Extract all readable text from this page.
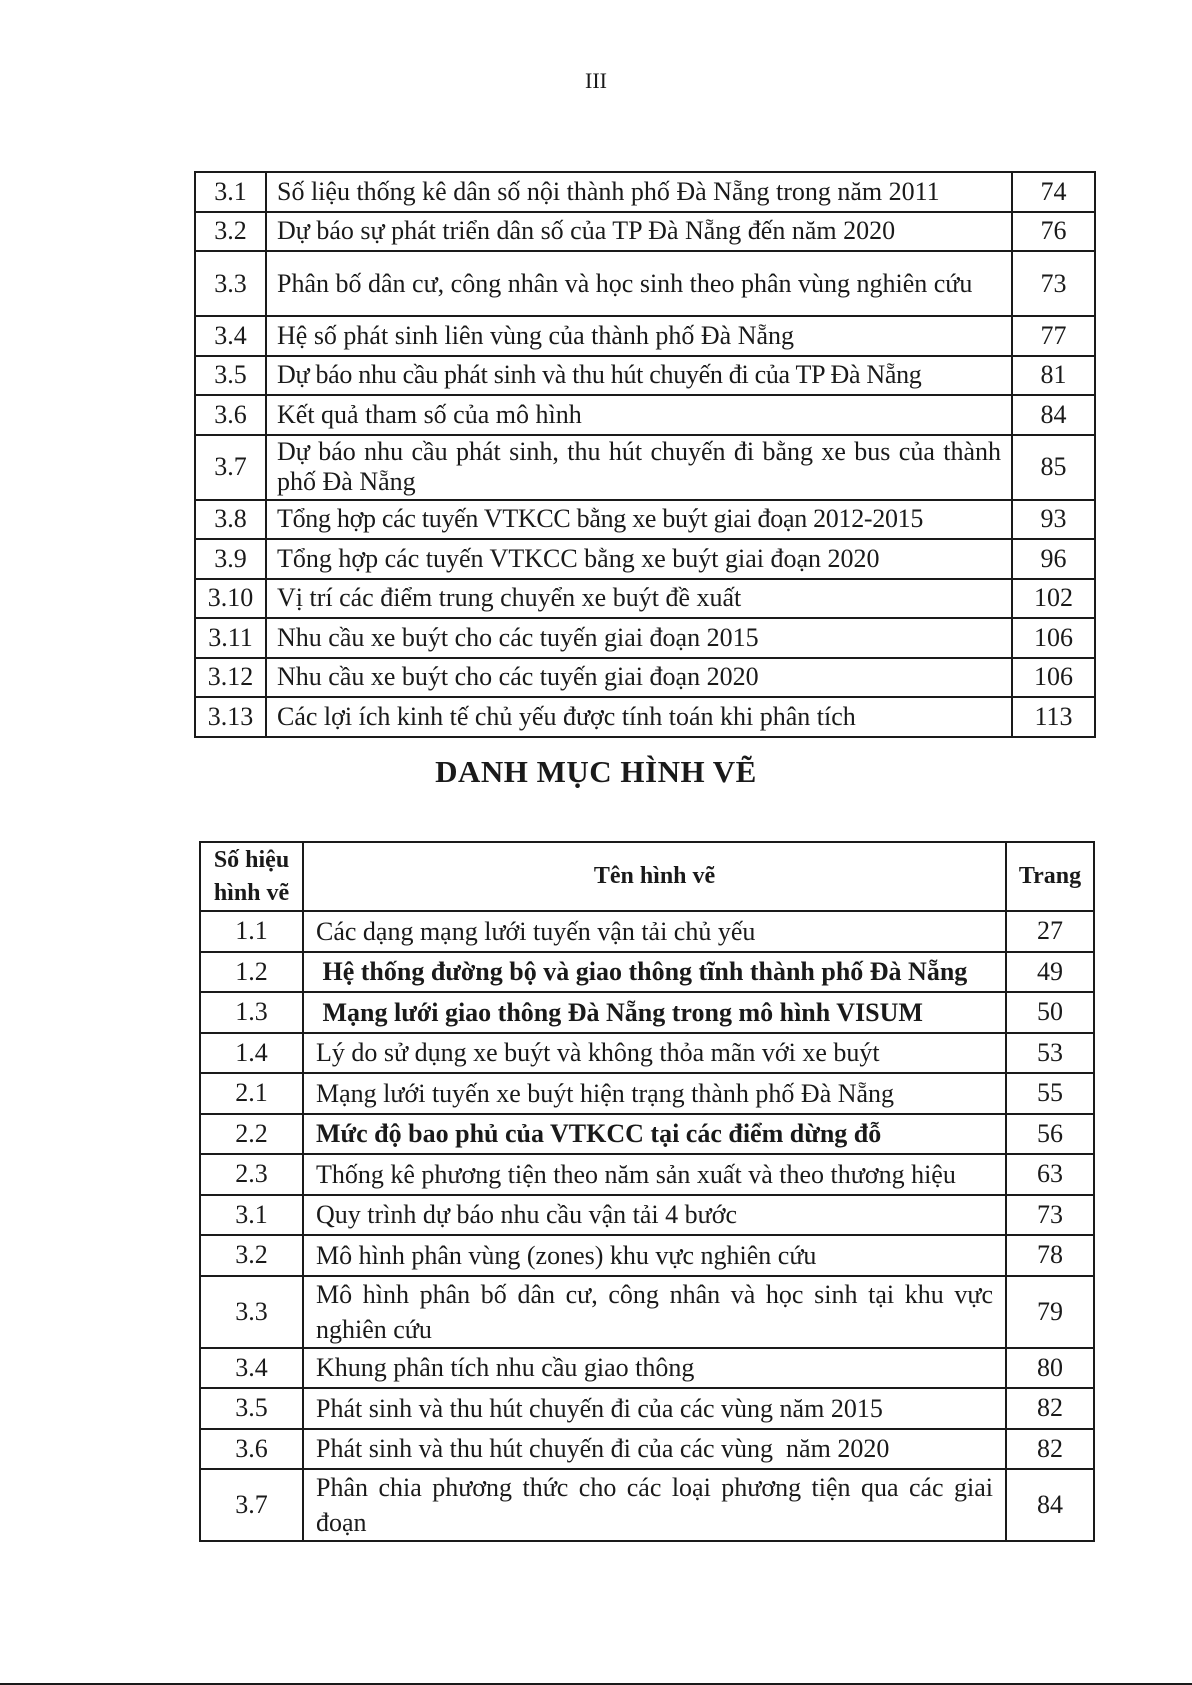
III
3.1	Số liệu thống kê dân số nội thành phố Đà Nẵng trong năm 2011	74
3.2	Dự báo sự phát triển dân số của TP Đà Nẵng đến năm 2020	76
3.3	Phân bố dân cư, công nhân và học sinh theo phân vùng nghiên cứu	73
3.4	Hệ số phát sinh liên vùng của thành phố Đà Nẵng	77
3.5	Dự báo nhu cầu phát sinh và thu hút chuyến đi của TP Đà Nẵng	81
3.6	Kết quả tham số của mô hình	84
3.7	Dự báo nhu cầu phát sinh, thu hút chuyến đi bằng xe bus của thành phố Đà Nẵng	85
3.8	Tổng hợp các tuyến VTKCC bằng xe buýt giai đoạn 2012-2015	93
3.9	Tổng hợp các tuyến VTKCC bằng xe buýt giai đoạn 2020	96
3.10	Vị trí các điểm trung chuyển xe buýt đề xuất	102
3.11	Nhu cầu xe buýt cho các tuyến giai đoạn 2015	106
3.12	Nhu cầu xe buýt cho các tuyến giai đoạn 2020	106
3.13	Các lợi ích kinh tế chủ yếu được tính toán khi phân tích	113
DANH MỤC HÌNH VẼ
Số hiệu
hình vẽ	Tên hình vẽ	Trang
1.1	Các dạng mạng lưới tuyến vận tải chủ yếu	27
1.2	Hệ thống đường bộ và giao thông tĩnh thành phố Đà Nẵng	49
1.3	Mạng lưới giao thông Đà Nẵng trong mô hình VISUM	50
1.4	Lý do sử dụng xe buýt và không thỏa mãn với xe buýt	53
2.1	Mạng lưới tuyến xe buýt hiện trạng thành phố Đà Nẵng	55
2.2	Mức độ bao phủ của VTKCC tại các điểm dừng đỗ	56
2.3	Thống kê phương tiện theo năm sản xuất và theo thương hiệu	63
3.1	Quy trình dự báo nhu cầu vận tải 4 bước	73
3.2	Mô hình phân vùng (zones) khu vực nghiên cứu	78
3.3	Mô hình phân bố dân cư, công nhân và học sinh tại khu vực nghiên cứu	79
3.4	Khung phân tích nhu cầu giao thông	80
3.5	Phát sinh và thu hút chuyến đi của các vùng năm 2015	82
3.6	Phát sinh và thu hút chuyến đi của các vùng  năm 2020	82
3.7	Phân chia phương thức cho các loại phương tiện qua các giai đoạn	84
